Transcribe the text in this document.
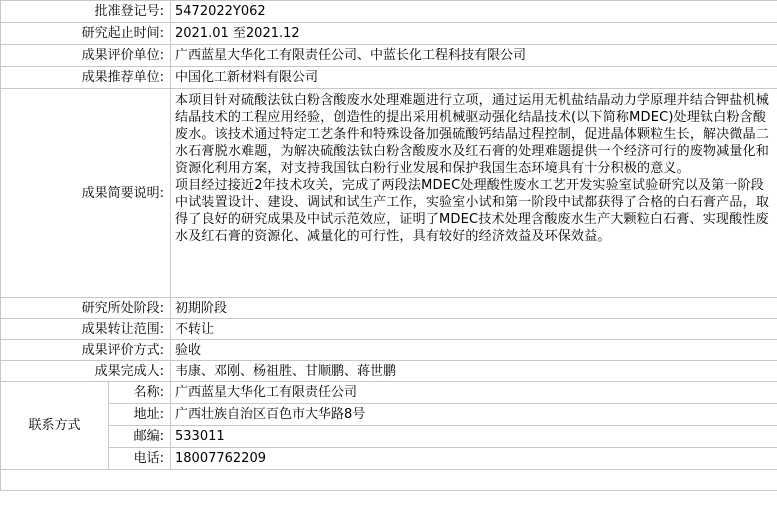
批准登记号:		5472022Y062
研究起止时间:		2021.01 至2021.12
成果评价单位:		广西蓝星大华化工有限责任公司、中蓝长化工程科技有限公司
成果推荐单位:		中国化工新材料有限公司
成果简要说明:		本项目针对硫酸法钛白粉含酸废水处理难题进行立项，通过运用无机盐结晶动力学原理并结合钾盐机械结晶技术的工程应用经验，创造性的提出采用机械驱动强化结晶技术(以下简称MDEC)处理钛白粉含酸废水。该技术通过特定工艺条件和特殊设备加强硫酸钙结晶过程控制，促进晶体颗粒生长，解决微晶二水石膏脱水难题，为解决硫酸法钛白粉含酸废水及红石膏的处理难题提供一个经济可行的废物减量化和资源化利用方案，对支持我国钛白粉行业发展和保护我国生态环境具有十分积极的意义。

项目经过接近2年技术攻关，完成了两段法MDEC处理酸性废水工艺开发实验室试验研究以及第一阶段中试装置设计、建设、调试和试生产工作，实验室小试和第一阶段中试都获得了合格的白石膏产品，取得了良好的研究成果及中试示范效应，证明了MDEC技术处理含酸废水生产大颗粒白石膏、实现酸性废水及红石膏的资源化、减量化的可行性，具有较好的经济效益及环保效益。

研究所处阶段:		初期阶段
成果转让范围:		不转让
成果评价方式:		验收
成果完成人:		韦康、邓刚、杨祖胜、甘顺鹏、蒋世鹏
联系方式	名称:	广西蓝星大华化工有限责任公司
	地址:	广西壮族自治区百色市大华路8号
	邮编:	533011
	电话:	18007762209
